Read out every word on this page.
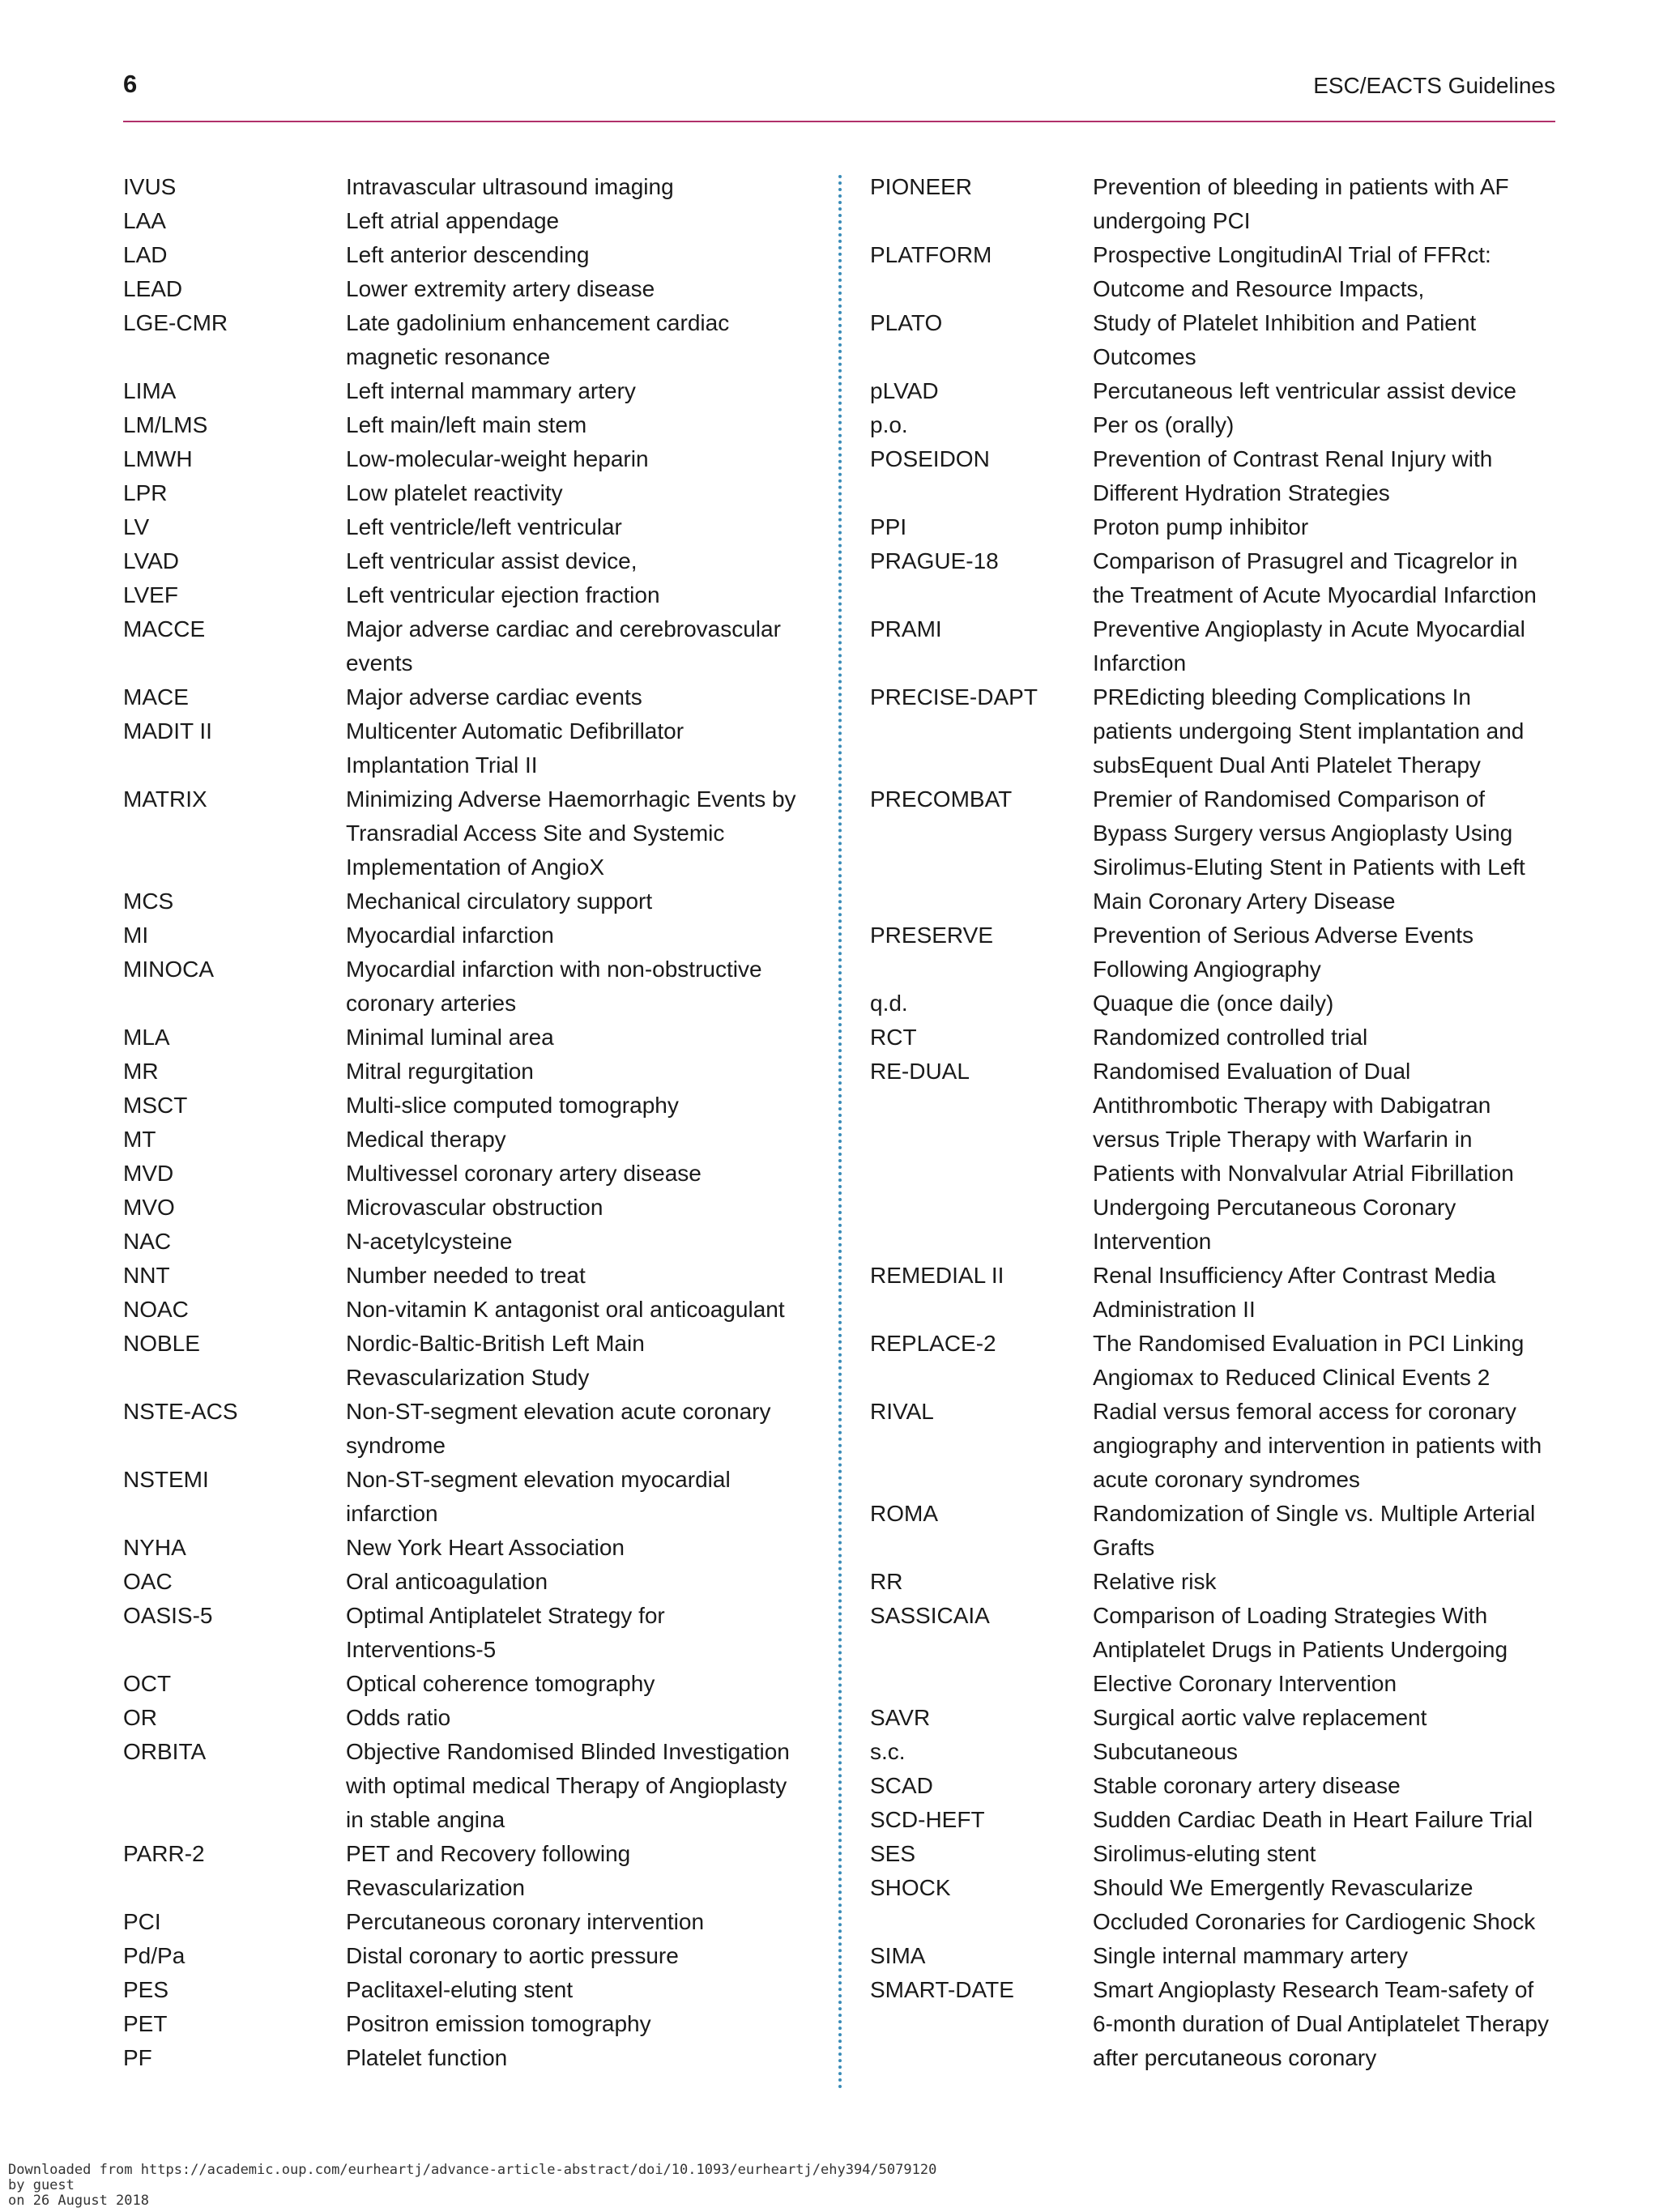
6	ESC/EACTS Guidelines
IVUS	Intravascular ultrasound imaging
LAA	Left atrial appendage
LAD	Left anterior descending
LEAD	Lower extremity artery disease
LGE-CMR	Late gadolinium enhancement cardiac magnetic resonance
LIMA	Left internal mammary artery
LM/LMS	Left main/left main stem
LMWH	Low-molecular-weight heparin
LPR	Low platelet reactivity
LV	Left ventricle/left ventricular
LVAD	Left ventricular assist device,
LVEF	Left ventricular ejection fraction
MACCE	Major adverse cardiac and cerebrovascular events
MACE	Major adverse cardiac events
MADIT II	Multicenter Automatic Defibrillator Implantation Trial II
MATRIX	Minimizing Adverse Haemorrhagic Events by Transradial Access Site and Systemic Implementation of AngioX
MCS	Mechanical circulatory support
MI	Myocardial infarction
MINOCA	Myocardial infarction with non-obstructive coronary arteries
MLA	Minimal luminal area
MR	Mitral regurgitation
MSCT	Multi-slice computed tomography
MT	Medical therapy
MVD	Multivessel coronary artery disease
MVO	Microvascular obstruction
NAC	N-acetylcysteine
NNT	Number needed to treat
NOAC	Non-vitamin K antagonist oral anticoagulant
NOBLE	Nordic-Baltic-British Left Main Revascularization Study
NSTE-ACS	Non-ST-segment elevation acute coronary syndrome
NSTEMI	Non-ST-segment elevation myocardial infarction
NYHA	New York Heart Association
OAC	Oral anticoagulation
OASIS-5	Optimal Antiplatelet Strategy for Interventions-5
OCT	Optical coherence tomography
OR	Odds ratio
ORBITA	Objective Randomised Blinded Investigation with optimal medical Therapy of Angioplasty in stable angina
PARR-2	PET and Recovery following Revascularization
PCI	Percutaneous coronary intervention
Pd/Pa	Distal coronary to aortic pressure
PES	Paclitaxel-eluting stent
PET	Positron emission tomography
PF	Platelet function
PIONEER	Prevention of bleeding in patients with AF undergoing PCI
PLATFORM	Prospective LongitudinAl Trial of FFRct: Outcome and Resource Impacts,
PLATO	Study of Platelet Inhibition and Patient Outcomes
pLVAD	Percutaneous left ventricular assist device
p.o.	Per os (orally)
POSEIDON	Prevention of Contrast Renal Injury with Different Hydration Strategies
PPI	Proton pump inhibitor
PRAGUE-18	Comparison of Prasugrel and Ticagrelor in the Treatment of Acute Myocardial Infarction
PRAMI	Preventive Angioplasty in Acute Myocardial Infarction
PRECISE-DAPT	PREdicting bleeding Complications In patients undergoing Stent implantation and subsEquent Dual Anti Platelet Therapy
PRECOMBAT	Premier of Randomised Comparison of Bypass Surgery versus Angioplasty Using Sirolimus-Eluting Stent in Patients with Left Main Coronary Artery Disease
PRESERVE	Prevention of Serious Adverse Events Following Angiography
q.d.	Quaque die (once daily)
RCT	Randomized controlled trial
RE-DUAL	Randomised Evaluation of Dual Antithrombotic Therapy with Dabigatran versus Triple Therapy with Warfarin in Patients with Nonvalvular Atrial Fibrillation Undergoing Percutaneous Coronary Intervention
REMEDIAL II	Renal Insufficiency After Contrast Media Administration II
REPLACE-2	The Randomised Evaluation in PCI Linking Angiomax to Reduced Clinical Events 2
RIVAL	Radial versus femoral access for coronary angiography and intervention in patients with acute coronary syndromes
ROMA	Randomization of Single vs. Multiple Arterial Grafts
RR	Relative risk
SASSICAIA	Comparison of Loading Strategies With Antiplatelet Drugs in Patients Undergoing Elective Coronary Intervention
SAVR	Surgical aortic valve replacement
s.c.	Subcutaneous
SCAD	Stable coronary artery disease
SCD-HEFT	Sudden Cardiac Death in Heart Failure Trial
SES	Sirolimus-eluting stent
SHOCK	Should We Emergently Revascularize Occluded Coronaries for Cardiogenic Shock
SIMA	Single internal mammary artery
SMART-DATE	Smart Angioplasty Research Team-safety of 6-month duration of Dual Antiplatelet Therapy after percutaneous coronary
Downloaded from https://academic.oup.com/eurheartj/advance-article-abstract/doi/10.1093/eurheartj/ehy394/5079120
by guest
on 26 August 2018
